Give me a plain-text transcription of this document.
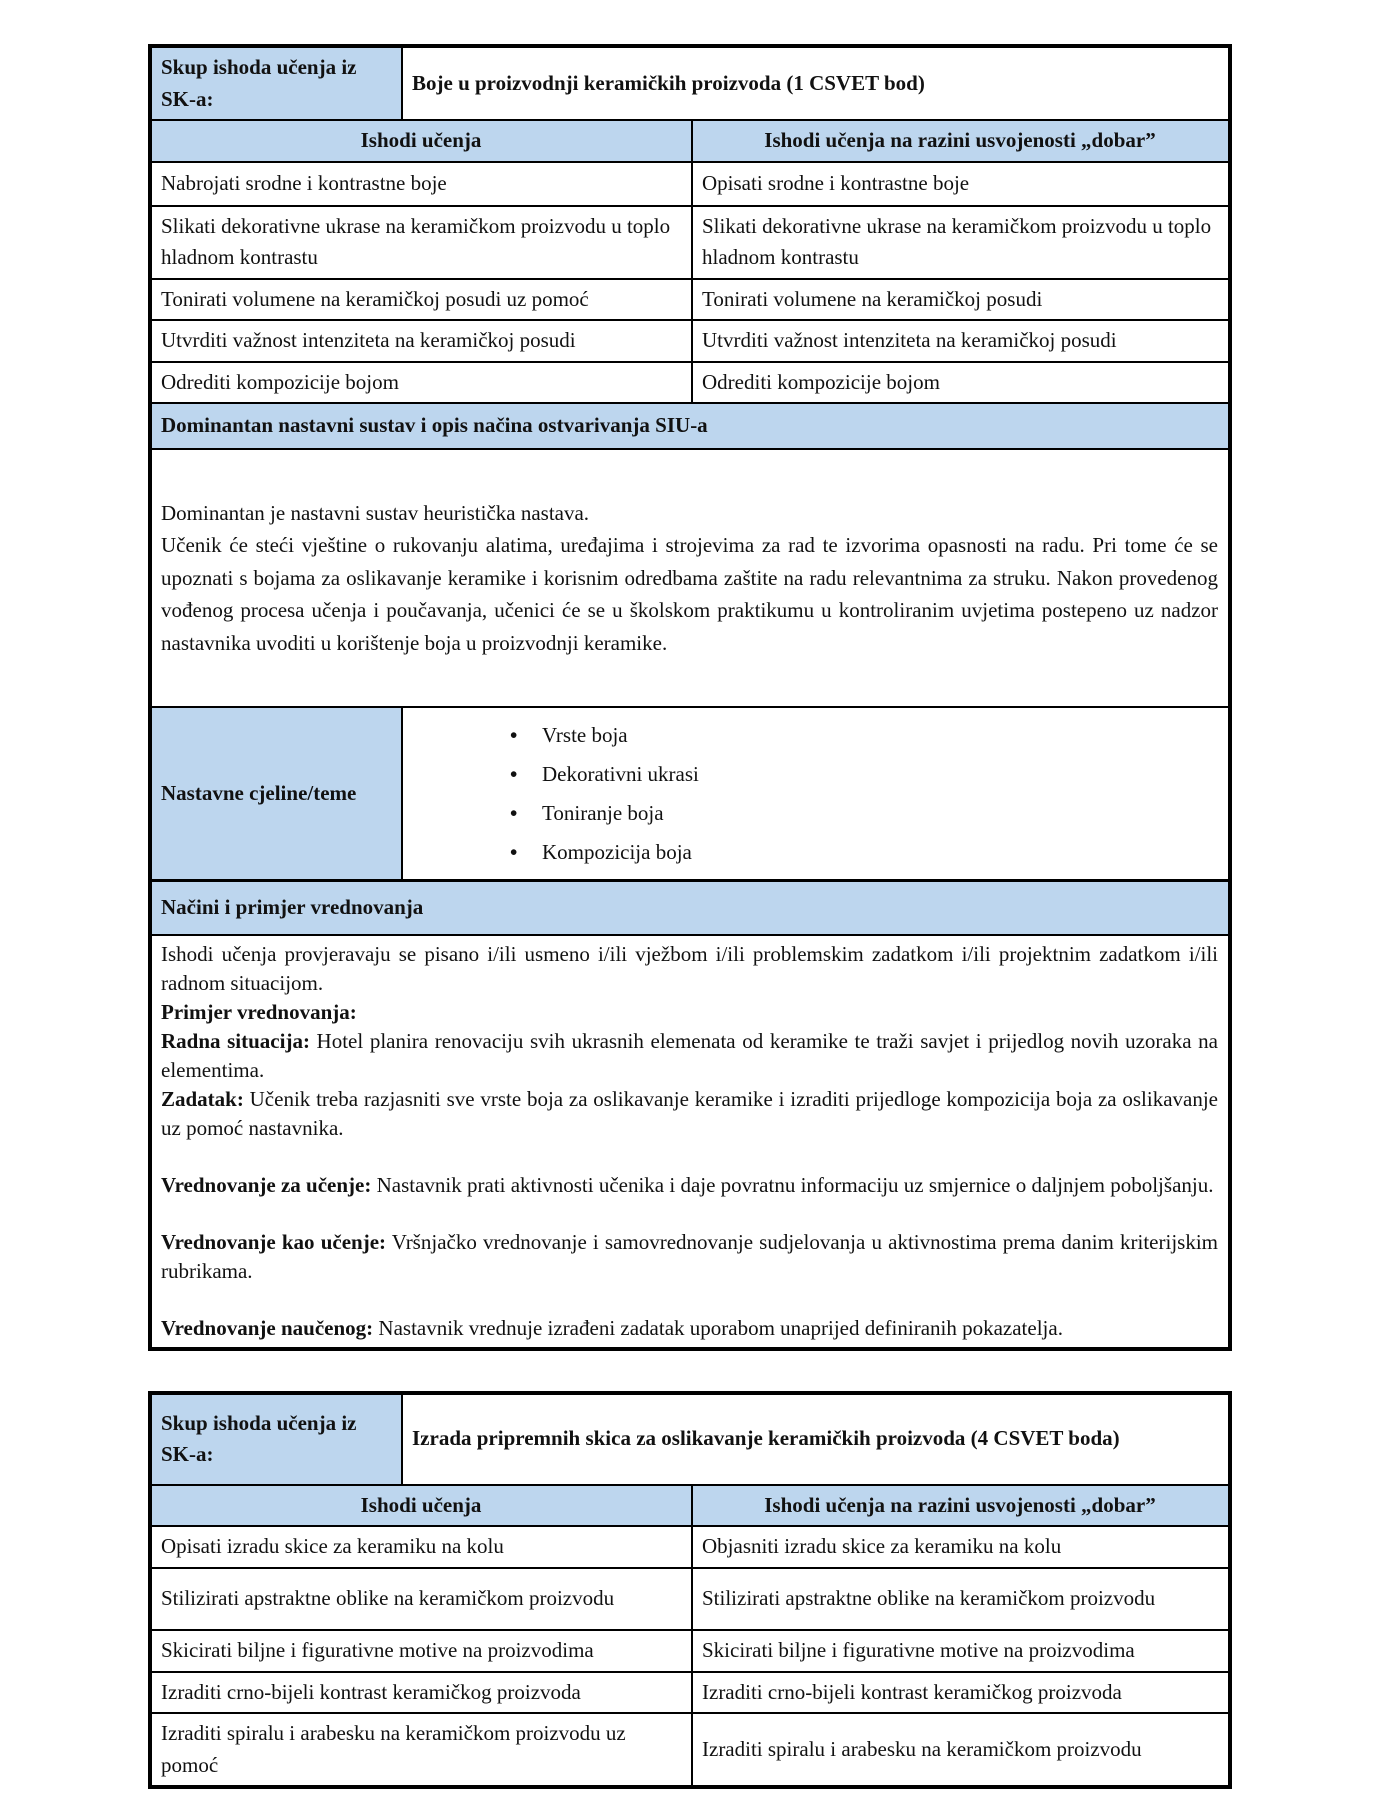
Skup ishoda učenja iz SK-a:	Boje u proizvodnji keramičkih proizvoda (1 CSVET bod)	
Ishodi učenja		Ishodi učenja na razini usvojenosti „dobar”
Nabrojati srodne i kontrastne boje		Opisati srodne i kontrastne boje
Slikati dekorativne ukrase na keramičkom proizvodu u toplo hladnom kontrastu		Slikati dekorativne ukrase na keramičkom proizvodu u toplo hladnom kontrastu
Tonirati volumene na keramičkoj posudi uz pomoć		Tonirati volumene na keramičkoj posudi
Utvrditi važnost intenziteta na keramičkoj posudi		Utvrditi važnost intenziteta na keramičkoj posudi
Odrediti kompozicije bojom		Odrediti kompozicije bojom
Dominantan nastavni sustav i opis načina ostvarivanja SIU-a		

Dominantan je nastavni sustav heuristička nastava.

Učenik će steći vještine o rukovanju alatima, uređajima i strojevima za rad te izvorima opasnosti na radu. Pri tome će se upoznati s bojama za oslikavanje keramike i korisnim odredbama zaštite na radu relevantnima za struku. Nakon provedenog vođenog procesa učenja i poučavanja, učenici će se u školskom praktikumu u kontroliranim uvjetima postepeno uz nadzor nastavnika uvoditi u korištenje boja u proizvodnji keramike.		

Nastavne cjeline/teme	
• Vrste boja
• Dekorativni ukrasi
• Toniranje boja
• Kompozicija boja

Načini i primjer vrednovanja		

Ishodi učenja provjeravaju se pisano i/ili usmeno i/ili vježbom i/ili problemskim zadatkom i/ili projektnim zadatkom i/ili radnom situacijom.

Primjer vrednovanja:

Radna situacija: Hotel planira renovaciju svih ukrasnih elemenata od keramike te traži savjet i prijedlog novih uzoraka na elementima.

Zadatak: Učenik treba razjasniti sve vrste boja za oslikavanje keramike i izraditi prijedloge kompozicija boja za oslikavanje uz pomoć nastavnika.

Vrednovanje za učenje: Nastavnik prati aktivnosti učenika i daje povratnu informaciju uz smjernice o daljnjem poboljšanju.

Vrednovanje kao učenje: Vršnjačko vrednovanje i samovrednovanje sudjelovanja u aktivnostima prema danim kriterijskim rubrikama.

Vrednovanje naučenog: Nastavnik vrednuje izrađeni zadatak uporabom unaprijed definiranih pokazatelja.

Skup ishoda učenja iz SK-a:	Izrada pripremnih skica za oslikavanje keramičkih proizvoda (4 CSVET boda)	
Ishodi učenja		Ishodi učenja na razini usvojenosti „dobar”
Opisati izradu skice za keramiku na kolu		Objasniti izradu skice za keramiku na kolu
Stilizirati apstraktne oblike na keramičkom proizvodu		Stilizirati apstraktne oblike na keramičkom proizvodu
Skicirati biljne i figurativne motive na proizvodima		Skicirati biljne i figurativne motive na proizvodima
Izraditi crno-bijeli kontrast keramičkog proizvoda		Izraditi crno-bijeli kontrast keramičkog proizvoda
Izraditi spiralu i arabesku na keramičkom proizvodu uz pomoć		Izraditi spiralu i arabesku na keramičkom proizvodu
